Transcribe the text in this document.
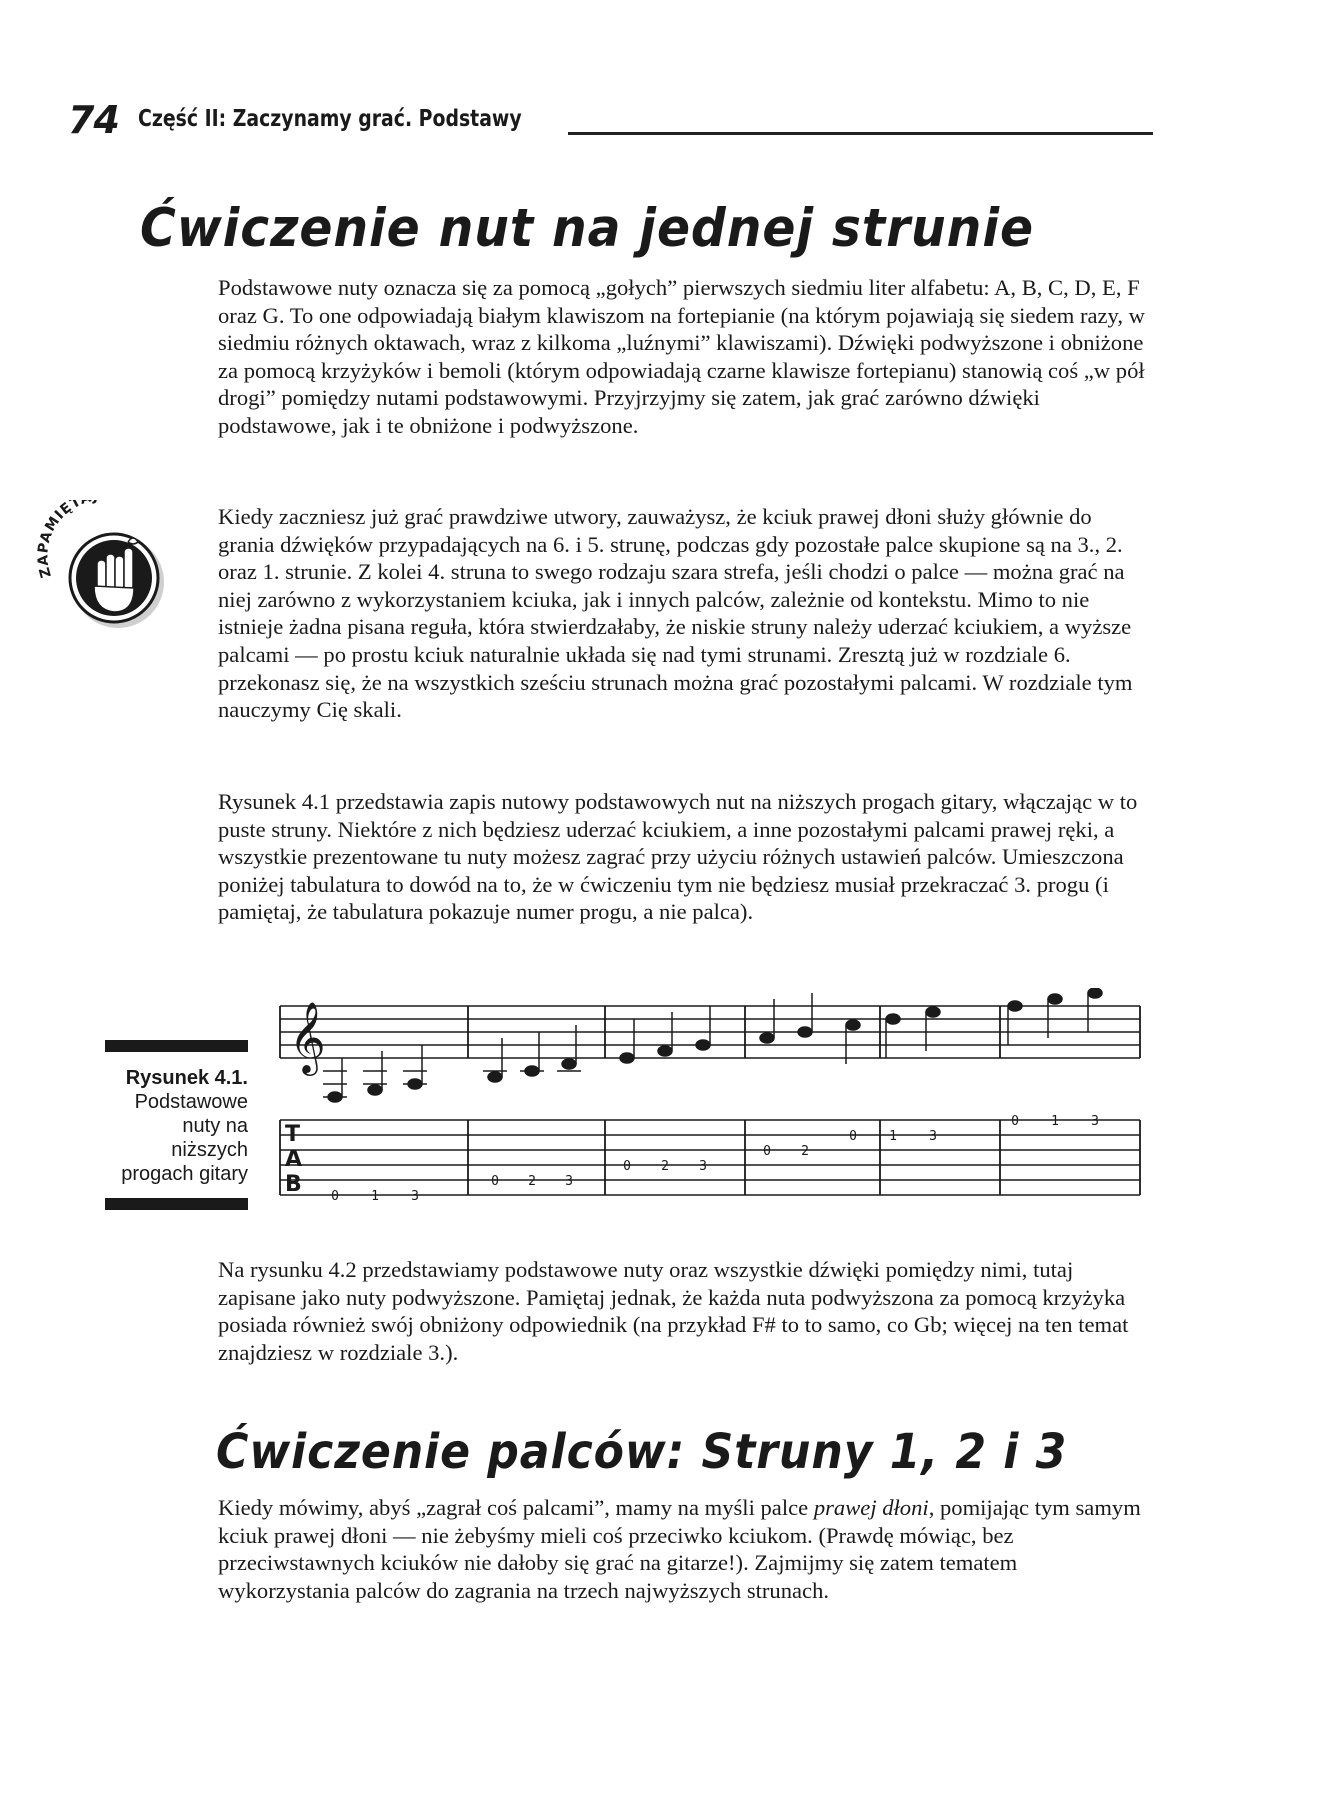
74 Część II: Zaczynamy grać. Podstawy
Ćwiczenie nut na jednej strunie

Podstawowe nuty oznacza się za pomocą „gołych” pierwszych siedmiu liter alfabetu: A, B, C, D, E, F oraz G. To one odpowiadają białym klawiszom na fortepianie (na którym pojawiają się siedem razy, w siedmiu różnych oktawach, wraz z kilkoma „luźnymi” klawiszami). Dźwięki podwyższone i obniżone za pomocą krzyżyków i bemoli (którym odpowiadają czarne klawisze fortepianu) stanowią coś „w pół drogi” pomiędzy nutami podstawowymi. Przyjrzyjmy się zatem, jak grać zarówno dźwięki podstawowe, jak i te obniżone i podwyższone.

ZAPAMIĘT

Kiedy zaczniesz już grać prawdziwe utwory, zauważysz, że kciuk prawej dłoni służy głównie do grania dźwięków przypadających na 6. i 5. strunę, podczas gdy pozostałe palce skupione są na 3., 2. oraz 1. strunie. Z kolei 4. struna to swego rodzaju szara strefa, jeśli chodzi o palce — można grać na niej zarówno z wykorzystaniem kciuka, jak i innych palców, zależnie od kontekstu. Mimo to nie istnieje żadna pisana reguła, która stwierdzałaby, że niskie struny należy uderzać kciukiem, a wyższe palcami — po prostu kciuk naturalnie układa się nad tymi strunami. Zresztą już w rozdziale 6. przekonasz się, że na wszystkich sześciu strunach można grać pozostałymi palcami. W rozdziale tym nauczymy Cię skali.

Rysunek 4.1 przedstawia zapis nutowy podstawowych nut na niższych progach gitary, włączając w to puste struny. Niektóre z nich będziesz uderzać kciukiem, a inne pozostałymi palcami prawej ręki, a wszystkie prezentowane tu nuty możesz zagrać przy użyciu różnych ustawień palców. Umieszczona poniżej tabulatura to dowód na to, że w ćwiczeniu tym nie będziesz musiał przekraczać 3. progu (i pamiętaj, że tabulatura pokazuje numer progu, a nie palca).

Rysunek 4.1.
Podstawowe nuty na niższych progach gitary
𝄞
T
A
B 0 1 3
0 2 3
0 2 3
0 2
0 1 3
0 1 3

Na rysunku 4.2 przedstawiamy podstawowe nuty oraz wszystkie dźwięki pomiędzy nimi, tutaj zapisane jako nuty podwyższone. Pamiętaj jednak, że każda nuta podwyższona za pomocą krzyżyka posiada również swój obniżony odpowiednik (na przykład F# to to samo, co Gb; więcej na ten temat znajdziesz w rozdziale 3.).

Ćwiczenie palców: Struny 1, 2 i 3

Kiedy mówimy, abyś „zagrał coś palcami”, mamy na myśli palce prawej dłoni, pomijając tym samym kciuk prawej dłoni — nie żebyśmy mieli coś przeciwko kciukom. (Prawdę mówiąc, bez przeciwstawnych kciuków nie dałoby się grać na gitarze!). Zajmijmy się zatem tematem wykorzystania palców do zagrania na trzech najwyższych strunach.
